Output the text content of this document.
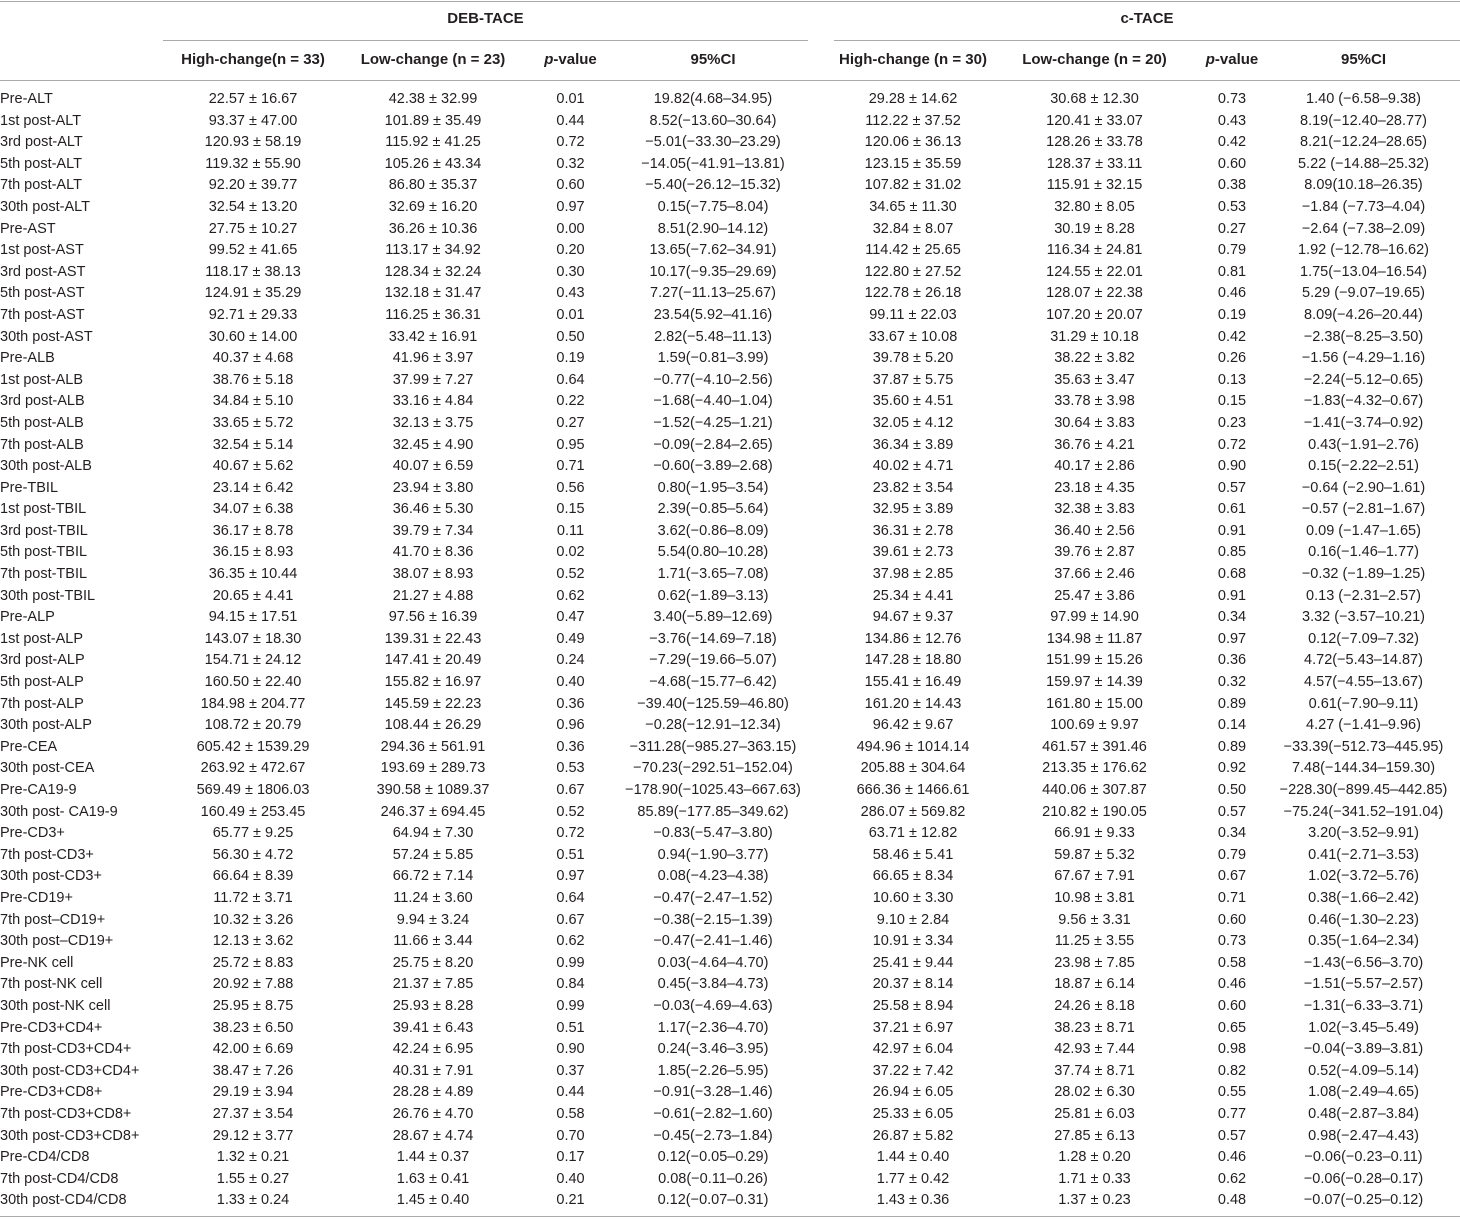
DEB-TACE	c-TACE
High-change(n = 33)	Low-change (n = 23)	p-value	95%CI	High-change (n = 30)	Low-change (n = 20)	p-value	95%CI
Pre-ALT	22.57 ± 16.67	42.38 ± 32.99	0.01	19.82(4.68–34.95)		29.28 ± 14.62	30.68 ± 12.30	0.73	1.40 (−6.58–9.38)
1st post-ALT	93.37 ± 47.00	101.89 ± 35.49	0.44	8.52(−13.60–30.64)		112.22 ± 37.52	120.41 ± 33.07	0.43	8.19(−12.40–28.77)
3rd post-ALT	120.93 ± 58.19	115.92 ± 41.25	0.72	−5.01(−33.30–23.29)		120.06 ± 36.13	128.26 ± 33.78	0.42	8.21(−12.24–28.65)
5th post-ALT	119.32 ± 55.90	105.26 ± 43.34	0.32	−14.05(−41.91–13.81)		123.15 ± 35.59	128.37 ± 33.11	0.60	5.22 (−14.88–25.32)
7th post-ALT	92.20 ± 39.77	86.80 ± 35.37	0.60	−5.40(−26.12–15.32)		107.82 ± 31.02	115.91 ± 32.15	0.38	8.09(10.18–26.35)
30th post-ALT	32.54 ± 13.20	32.69 ± 16.20	0.97	0.15(−7.75–8.04)		34.65 ± 11.30	32.80 ± 8.05	0.53	−1.84 (−7.73–4.04)
Pre-AST	27.75 ± 10.27	36.26 ± 10.36	0.00	8.51(2.90–14.12)		32.84 ± 8.07	30.19 ± 8.28	0.27	−2.64 (−7.38–2.09)
1st post-AST	99.52 ± 41.65	113.17 ± 34.92	0.20	13.65(−7.62–34.91)		114.42 ± 25.65	116.34 ± 24.81	0.79	1.92 (−12.78–16.62)
3rd post-AST	118.17 ± 38.13	128.34 ± 32.24	0.30	10.17(−9.35–29.69)		122.80 ± 27.52	124.55 ± 22.01	0.81	1.75(−13.04–16.54)
5th post-AST	124.91 ± 35.29	132.18 ± 31.47	0.43	7.27(−11.13–25.67)		122.78 ± 26.18	128.07 ± 22.38	0.46	5.29 (−9.07–19.65)
7th post-AST	92.71 ± 29.33	116.25 ± 36.31	0.01	23.54(5.92–41.16)		99.11 ± 22.03	107.20 ± 20.07	0.19	8.09(−4.26–20.44)
30th post-AST	30.60 ± 14.00	33.42 ± 16.91	0.50	2.82(−5.48–11.13)		33.67 ± 10.08	31.29 ± 10.18	0.42	−2.38(−8.25–3.50)
Pre-ALB	40.37 ± 4.68	41.96 ± 3.97	0.19	1.59(−0.81–3.99)		39.78 ± 5.20	38.22 ± 3.82	0.26	−1.56 (−4.29–1.16)
1st post-ALB	38.76 ± 5.18	37.99 ± 7.27	0.64	−0.77(−4.10–2.56)		37.87 ± 5.75	35.63 ± 3.47	0.13	−2.24(−5.12–0.65)
3rd post-ALB	34.84 ± 5.10	33.16 ± 4.84	0.22	−1.68(−4.40–1.04)		35.60 ± 4.51	33.78 ± 3.98	0.15	−1.83(−4.32–0.67)
5th post-ALB	33.65 ± 5.72	32.13 ± 3.75	0.27	−1.52(−4.25–1.21)		32.05 ± 4.12	30.64 ± 3.83	0.23	−1.41(−3.74–0.92)
7th post-ALB	32.54 ± 5.14	32.45 ± 4.90	0.95	−0.09(−2.84–2.65)		36.34 ± 3.89	36.76 ± 4.21	0.72	0.43(−1.91–2.76)
30th post-ALB	40.67 ± 5.62	40.07 ± 6.59	0.71	−0.60(−3.89–2.68)		40.02 ± 4.71	40.17 ± 2.86	0.90	0.15(−2.22–2.51)
Pre-TBIL	23.14 ± 6.42	23.94 ± 3.80	0.56	0.80(−1.95–3.54)		23.82 ± 3.54	23.18 ± 4.35	0.57	−0.64 (−2.90–1.61)
1st post-TBIL	34.07 ± 6.38	36.46 ± 5.30	0.15	2.39(−0.85–5.64)		32.95 ± 3.89	32.38 ± 3.83	0.61	−0.57 (−2.81–1.67)
3rd post-TBIL	36.17 ± 8.78	39.79 ± 7.34	0.11	3.62(−0.86–8.09)		36.31 ± 2.78	36.40 ± 2.56	0.91	0.09 (−1.47–1.65)
5th post-TBIL	36.15 ± 8.93	41.70 ± 8.36	0.02	5.54(0.80–10.28)		39.61 ± 2.73	39.76 ± 2.87	0.85	0.16(−1.46–1.77)
7th post-TBIL	36.35 ± 10.44	38.07 ± 8.93	0.52	1.71(−3.65–7.08)		37.98 ± 2.85	37.66 ± 2.46	0.68	−0.32 (−1.89–1.25)
30th post-TBIL	20.65 ± 4.41	21.27 ± 4.88	0.62	0.62(−1.89–3.13)		25.34 ± 4.41	25.47 ± 3.86	0.91	0.13 (−2.31–2.57)
Pre-ALP	94.15 ± 17.51	97.56 ± 16.39	0.47	3.40(−5.89–12.69)		94.67 ± 9.37	97.99 ± 14.90	0.34	3.32 (−3.57–10.21)
1st post-ALP	143.07 ± 18.30	139.31 ± 22.43	0.49	−3.76(−14.69–7.18)		134.86 ± 12.76	134.98 ± 11.87	0.97	0.12(−7.09–7.32)
3rd post-ALP	154.71 ± 24.12	147.41 ± 20.49	0.24	−7.29(−19.66–5.07)		147.28 ± 18.80	151.99 ± 15.26	0.36	4.72(−5.43–14.87)
5th post-ALP	160.50 ± 22.40	155.82 ± 16.97	0.40	−4.68(−15.77–6.42)		155.41 ± 16.49	159.97 ± 14.39	0.32	4.57(−4.55–13.67)
7th post-ALP	184.98 ± 204.77	145.59 ± 22.23	0.36	−39.40(−125.59–46.80)		161.20 ± 14.43	161.80 ± 15.00	0.89	0.61(−7.90–9.11)
30th post-ALP	108.72 ± 20.79	108.44 ± 26.29	0.96	−0.28(−12.91–12.34)		96.42 ± 9.67	100.69 ± 9.97	0.14	4.27 (−1.41–9.96)
Pre-CEA	605.42 ± 1539.29	294.36 ± 561.91	0.36	−311.28(−985.27–363.15)		494.96 ± 1014.14	461.57 ± 391.46	0.89	−33.39(−512.73–445.95)
30th post-CEA	263.92 ± 472.67	193.69 ± 289.73	0.53	−70.23(−292.51–152.04)		205.88 ± 304.64	213.35 ± 176.62	0.92	7.48(−144.34–159.30)
Pre-CA19-9	569.49 ± 1806.03	390.58 ± 1089.37	0.67	−178.90(−1025.43–667.63)		666.36 ± 1466.61	440.06 ± 307.87	0.50	−228.30(−899.45–442.85)
30th post- CA19-9	160.49 ± 253.45	246.37 ± 694.45	0.52	85.89(−177.85–349.62)		286.07 ± 569.82	210.82 ± 190.05	0.57	−75.24(−341.52–191.04)
Pre-CD3+	65.77 ± 9.25	64.94 ± 7.30	0.72	−0.83(−5.47–3.80)		63.71 ± 12.82	66.91 ± 9.33	0.34	3.20(−3.52–9.91)
7th post-CD3+	56.30 ± 4.72	57.24 ± 5.85	0.51	0.94(−1.90–3.77)		58.46 ± 5.41	59.87 ± 5.32	0.79	0.41(−2.71–3.53)
30th post-CD3+	66.64 ± 8.39	66.72 ± 7.14	0.97	0.08(−4.23–4.38)		66.65 ± 8.34	67.67 ± 7.91	0.67	1.02(−3.72–5.76)
Pre-CD19+	11.72 ± 3.71	11.24 ± 3.60	0.64	−0.47(−2.47–1.52)		10.60 ± 3.30	10.98 ± 3.81	0.71	0.38(−1.66–2.42)
7th post–CD19+	10.32 ± 3.26	9.94 ± 3.24	0.67	−0.38(−2.15–1.39)		9.10 ± 2.84	9.56 ± 3.31	0.60	0.46(−1.30–2.23)
30th post–CD19+	12.13 ± 3.62	11.66 ± 3.44	0.62	−0.47(−2.41–1.46)		10.91 ± 3.34	11.25 ± 3.55	0.73	0.35(−1.64–2.34)
Pre-NK cell	25.72 ± 8.83	25.75 ± 8.20	0.99	0.03(−4.64–4.70)		25.41 ± 9.44	23.98 ± 7.85	0.58	−1.43(−6.56–3.70)
7th post-NK cell	20.92 ± 7.88	21.37 ± 7.85	0.84	0.45(−3.84–4.73)		20.37 ± 8.14	18.87 ± 6.14	0.46	−1.51(−5.57–2.57)
30th post-NK cell	25.95 ± 8.75	25.93 ± 8.28	0.99	−0.03(−4.69–4.63)		25.58 ± 8.94	24.26 ± 8.18	0.60	−1.31(−6.33–3.71)
Pre-CD3+CD4+	38.23 ± 6.50	39.41 ± 6.43	0.51	1.17(−2.36–4.70)		37.21 ± 6.97	38.23 ± 8.71	0.65	1.02(−3.45–5.49)
7th post-CD3+CD4+	42.00 ± 6.69	42.24 ± 6.95	0.90	0.24(−3.46–3.95)		42.97 ± 6.04	42.93 ± 7.44	0.98	−0.04(−3.89–3.81)
30th post-CD3+CD4+	38.47 ± 7.26	40.31 ± 7.91	0.37	1.85(−2.26–5.95)		37.22 ± 7.42	37.74 ± 8.71	0.82	0.52(−4.09–5.14)
Pre-CD3+CD8+	29.19 ± 3.94	28.28 ± 4.89	0.44	−0.91(−3.28–1.46)		26.94 ± 6.05	28.02 ± 6.30	0.55	1.08(−2.49–4.65)
7th post-CD3+CD8+	27.37 ± 3.54	26.76 ± 4.70	0.58	−0.61(−2.82–1.60)		25.33 ± 6.05	25.81 ± 6.03	0.77	0.48(−2.87–3.84)
30th post-CD3+CD8+	29.12 ± 3.77	28.67 ± 4.74	0.70	−0.45(−2.73–1.84)		26.87 ± 5.82	27.85 ± 6.13	0.57	0.98(−2.47–4.43)
Pre-CD4/CD8	1.32 ± 0.21	1.44 ± 0.37	0.17	0.12(−0.05–0.29)		1.44 ± 0.40	1.28 ± 0.20	0.46	−0.06(−0.23–0.11)
7th post-CD4/CD8	1.55 ± 0.27	1.63 ± 0.41	0.40	0.08(−0.11–0.26)		1.77 ± 0.42	1.71 ± 0.33	0.62	−0.06(−0.28–0.17)
30th post-CD4/CD8	1.33 ± 0.24	1.45 ± 0.40	0.21	0.12(−0.07–0.31)		1.43 ± 0.36	1.37 ± 0.23	0.48	−0.07(−0.25–0.12)
